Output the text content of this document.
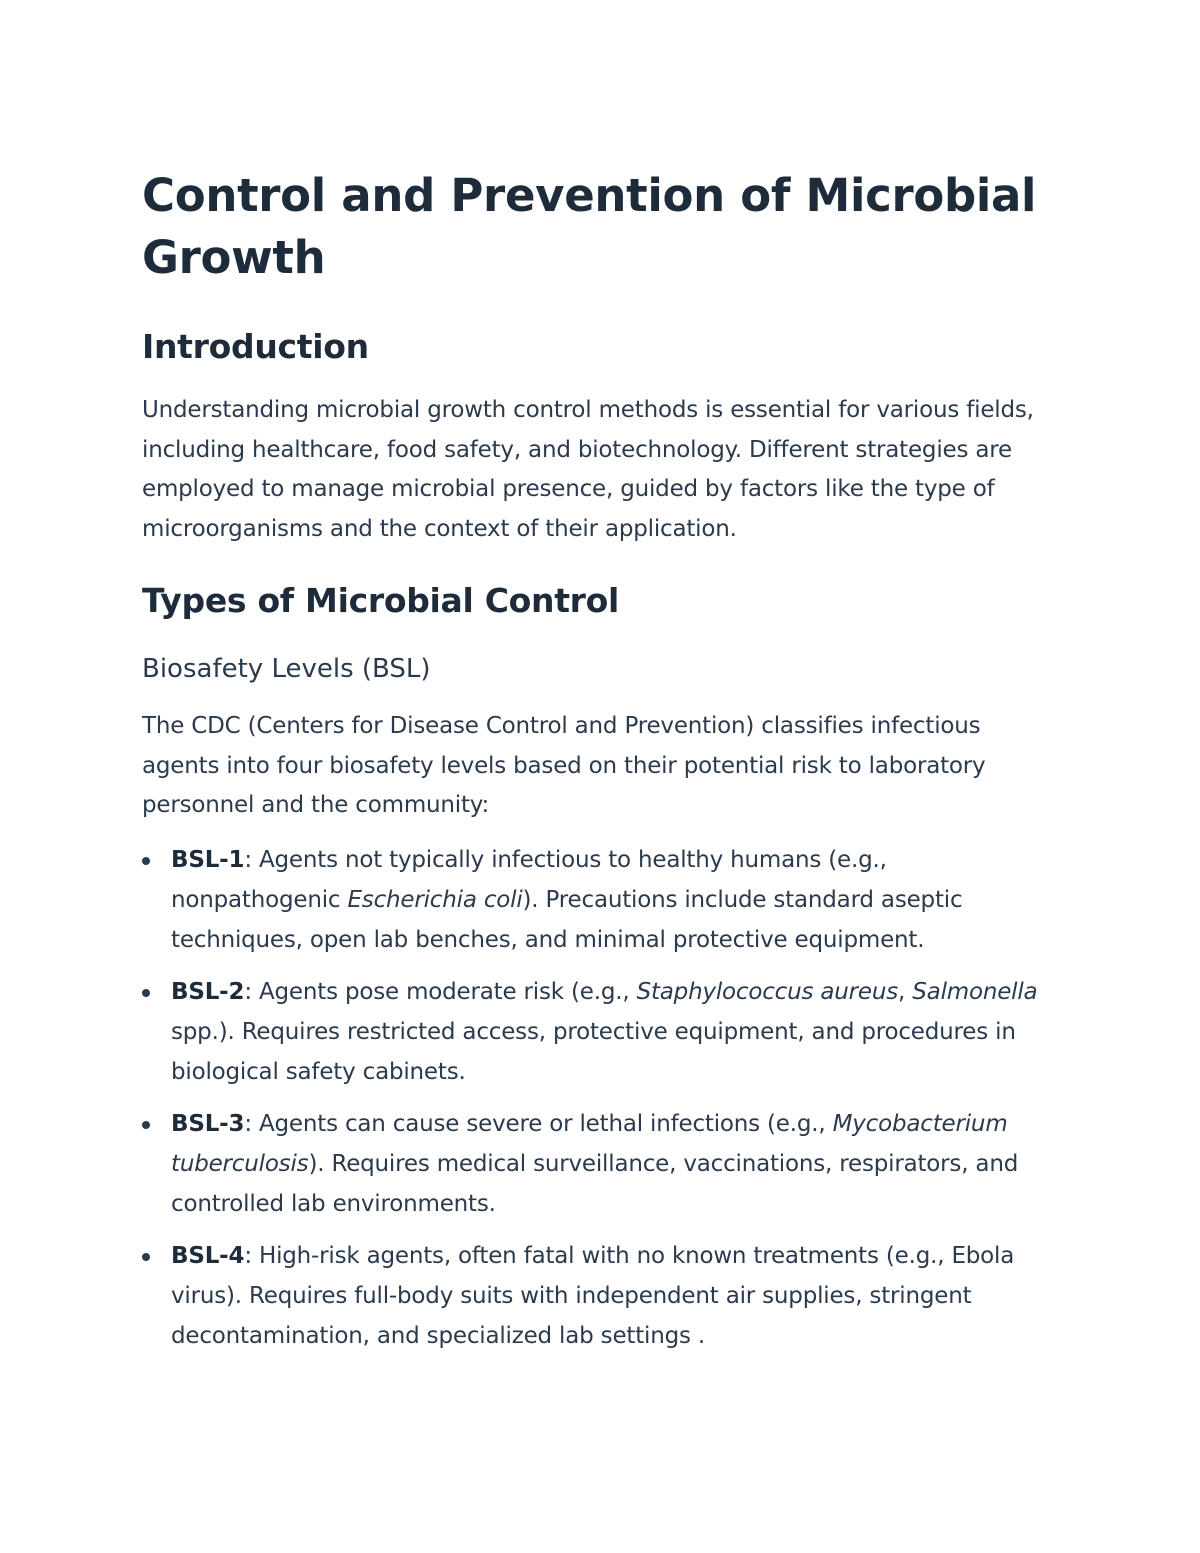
Control and Prevention of Microbial Growth
Introduction

Understanding microbial growth control methods is essential for various fields, including healthcare, food safety, and biotechnology. Different strategies are employed to manage microbial presence, guided by factors like the type of microorganisms and the context of their application.

Types of Microbial Control
Biosafety Levels (BSL)

The CDC (Centers for Disease Control and Prevention) classifies infectious agents into four biosafety levels based on their potential risk to laboratory personnel and the community:

BSL-1: Agents not typically infectious to healthy humans (e.g., nonpathogenic Escherichia coli). Precautions include standard aseptic techniques, open lab benches, and minimal protective equipment.
BSL-2: Agents pose moderate risk (e.g., Staphylococcus aureus, Salmonella spp.). Requires restricted access, protective equipment, and procedures in biological safety cabinets.
BSL-3: Agents can cause severe or lethal infections (e.g., Mycobacterium tuberculosis). Requires medical surveillance, vaccinations, respirators, and controlled lab environments.
BSL-4: High-risk agents, often fatal with no known treatments (e.g., Ebola virus). Requires full-body suits with independent air supplies, stringent decontamination, and specialized lab settings .
